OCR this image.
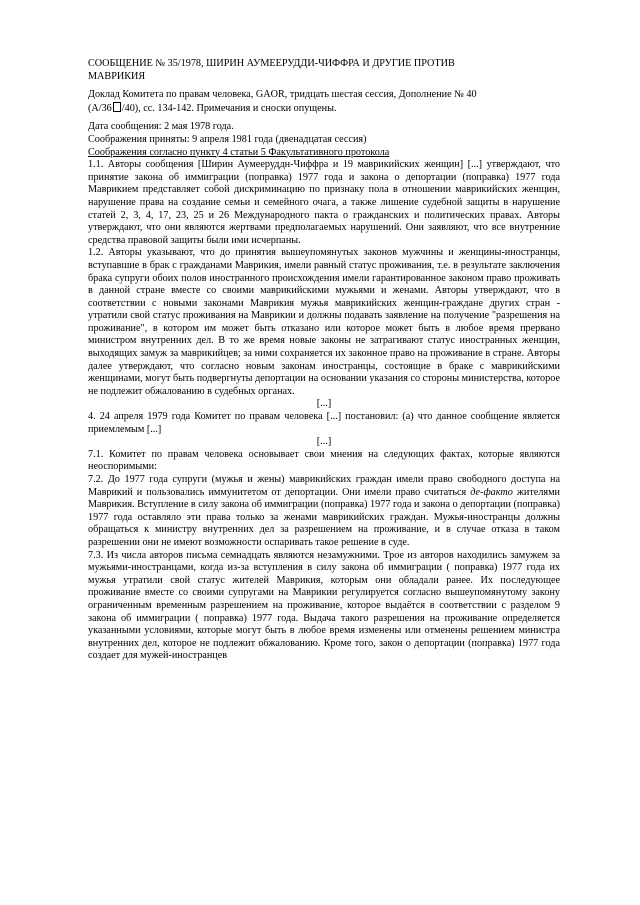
СООБЩЕНИЕ № 35/1978, ШИРИН АУМЕЕРУДДИ-ЧИФФРА И ДРУГИЕ ПРОТИВ
МАВРИКИЯ

Доклад Комитета по правам человека, GAOR, тридцать шестая сессия, Дополнение № 40
(А/36 /40), сс. 134-142. Примечания и сноски опущены.

Дата сообщения: 2 мая 1978 года.

Соображения приняты: 9 апреля 1981 года (двенадцатая сессия)

Соображения согласно пункту 4 статьи 5 Факультативного протокола

1.1. Авторы сообщения [Ширин Аумееруддн-Чиффра и 19 маврикийских женщин] [...] утверждают, что принятие закона об иммиграции (поправка) 1977 года и закона о депортации (поправка) 1977 года Маврикием представляет собой дискриминацию по признаку пола в отношении маврикийских женщин, нарушение права на создание семьи и семейного очага, а также лишение судебной защиты в нарушение статей 2, 3, 4, 17, 23, 25 и 26 Международного пакта о гражданских и политических правах. Авторы утверждают, что они являются жертвами предполагаемых нарушений. Они заявляют, что все внутренние средства правовой защиты были ими исчерпаны.

1.2. Авторы указывают, что до принятия вышеупомянутых законов мужчины и женщины-иностранцы, вступавшие в брак с гражданами Маврикия, имели равный статус проживания, т.е. в результате заключения брака супруги обоих полов иностранного происхождения имели гарантированное законом право проживать в данной стране вместе со своими маврикийскими мужьями и женами. Авторы утверждают, что в соответствии с новыми законами Маврикия мужья маврикийских женщин-граждане других стран - утратили свой статус проживания на Маврикии и должны подавать заявление на получение "разрешения на проживание", в котором им может быть отказано или которое может быть в любое время прервано министром внутренних дел. В то же время новые законы не затрагивают статус иностранных женщин, выходящих замуж за маврикийцев; за ними сохраняется их законное право на проживание в стране. Авторы далее утверждают, что согласно новым законам иностранцы, состоящие в браке с маврикийскими женщинами, могут быть подвергнуты депортации на основании указания со стороны министерства, которое не подлежит обжалованию в судебных органах.

[...]

4. 24 апреля 1979 года Комитет по правам человека [...] постановил: (а) что данное сообщение является приемлемым [...]

[...]

7.1. Комитет по правам человека основывает свои мнения на следующих фактах, которые являются неоспоримыми:

7.2. До 1977 года супруги (мужья и жены) маврикийских граждан имели право свободного доступа на Маврикий и пользовались иммунитетом от депортации. Они имели право считаться де-факто жителями Маврикия. Вступление в силу закона об иммиграции (поправка) 1977 года и закона о депортации (поправка) 1977 года оставляло эти права только за женами маврикийских граждан. Мужья-иностранцы должны обращаться к министру внутренних дел за разрешением на проживание, и в случае отказа в таком разрешении они не имеют возможности оспаривать такое решение в суде.

7.3. Из числа авторов письма семнадцать являются незамужними. Трое из авторов находились замужем за мужьями-иностранцами, когда из-за вступления в силу закона об иммиграции ( поправка) 1977 года их мужья утратили свой статус жителей Маврикия, которым они обладали ранее. Их последующее проживание вместе со своими супругами на Маврикии регулируется согласно вышеупомянутому закону ограниченным временным разрешением на проживание, которое выдаётся в соответствии с разделом 9 закона об иммиграции ( поправка) 1977 года. Выдача такого разрешения на проживание определяется указанными условиями, которые могут быть в любое время изменены или отменены решением министра внутренних дел, которое не подлежит обжалованию. Кроме того, закон о депортации (поправка) 1977 года создает для мужей-иностранцев
